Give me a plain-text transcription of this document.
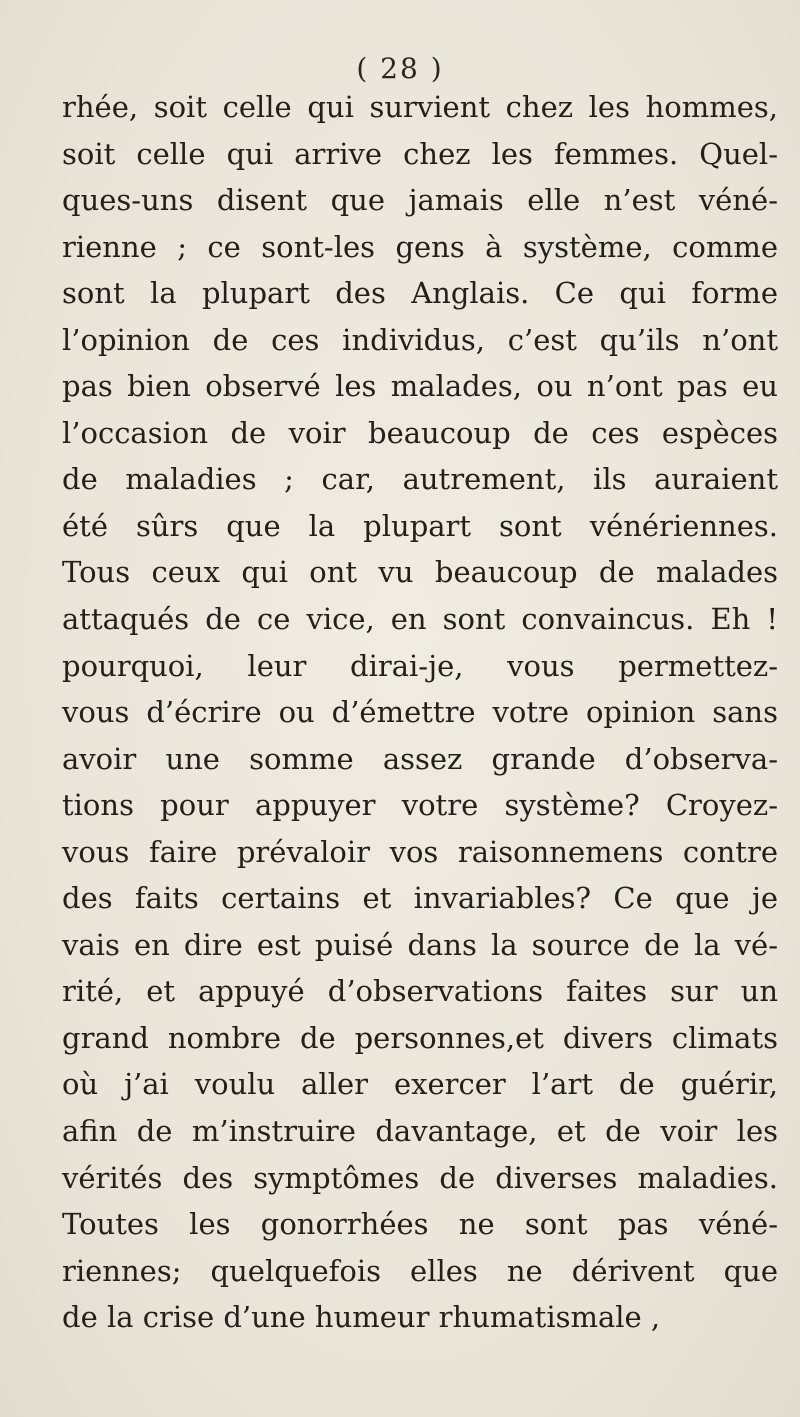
( 28 )
rhée, soit celle qui survient chez les hommes,
soit celle qui arrive chez les femmes. Quel-
ques-uns disent que jamais elle n’est véné-
rienne ; ce sont-les gens à système, comme
sont la plupart des Anglais. Ce qui forme
l’opinion de ces individus, c’est qu’ils n’ont
pas bien observé les malades, ou n’ont pas eu
l’occasion de voir beaucoup de ces espèces
de maladies ; car, autrement, ils auraient
été sûrs que la plupart sont vénériennes.
Tous ceux qui ont vu beaucoup de malades
attaqués de ce vice, en sont convaincus. Eh !
pourquoi, leur dirai-je, vous permettez-
vous d’écrire ou d’émettre votre opinion sans
avoir une somme assez grande d’observa-
tions pour appuyer votre système? Croyez-
vous faire prévaloir vos raisonnemens contre
des faits certains et invariables? Ce que je
vais en dire est puisé dans la source de la vé-
rité, et appuyé d’observations faites sur un
grand nombre de personnes,et divers climats
où j’ai voulu aller exercer l’art de guérir,
afin de m’instruire davantage, et de voir les
vérités des symptômes de diverses maladies.
Toutes les gonorrhées ne sont pas véné-
riennes; quelquefois elles ne dérivent que
de la crise d’une humeur rhumatismale ,
